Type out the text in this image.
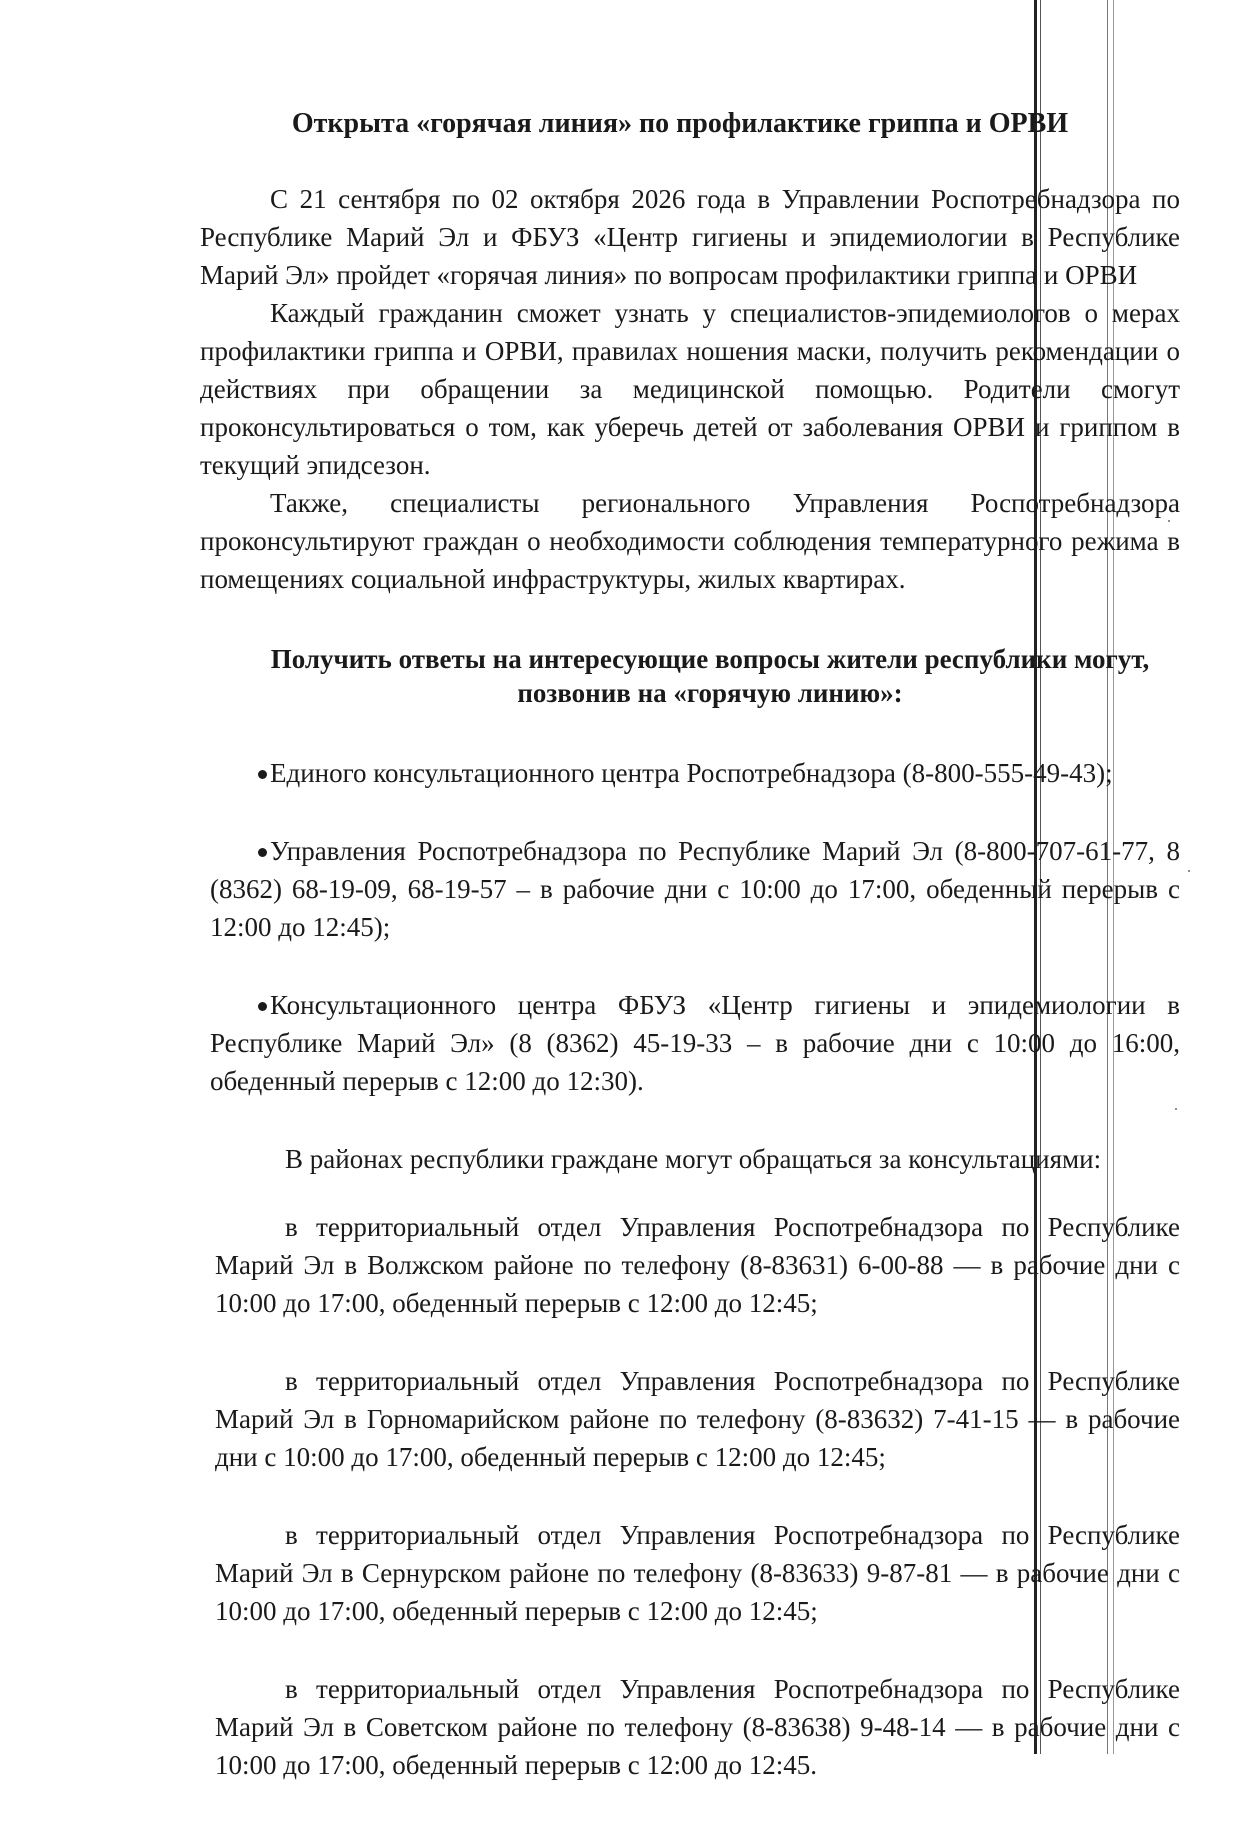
Открыта «горячая линия» по профилактике гриппа и ОРВИ

С 21 сентября по 02 октября 2026 года в Управлении Роспотребнадзора по Республике Марий Эл и ФБУЗ «Центр гигиены и эпидемиологии в Республике Марий Эл» пройдет «горячая линия» по вопросам профилактики гриппа и ОРВИ

Каждый гражданин сможет узнать у специалистов-эпидемиологов о мерах профилактики гриппа и ОРВИ, правилах ношения маски, получить рекомендации о действиях при обращении за медицинской помощью. Родители смогут проконсультироваться о том, как уберечь детей от заболевания ОРВИ и гриппом в текущий эпидсезон.

Также, специалисты регионального Управления Роспотребнадзора проконсультируют граждан о необходимости соблюдения температурного режима в помещениях социальной инфраструктуры, жилых квартирах.

Получить ответы на интересующие вопросы жители республики могут, позвонив на «горячую линию»:
Единого консультационного центра Роспотребнадзора (8-800-555-49-43);
Управления Роспотребнадзора по Республике Марий Эл (8-800-707-61-77, 8 (8362) 68-19-09, 68-19-57 – в рабочие дни с 10:00 до 17:00, обеденный перерыв с 12:00 до 12:45);
Консультационного центра ФБУЗ «Центр гигиены и эпидемиологии в Республике Марий Эл» (8 (8362) 45-19-33 – в рабочие дни с 10:00 до 16:00, обеденный перерыв с 12:00 до 12:30).

В районах республики граждане могут обращаться за консультациями:

в территориальный отдел Управления Роспотребнадзора по Республике Марий Эл в Волжском районе по телефону (8-83631) 6-00-88 — в рабочие дни с 10:00 до 17:00, обеденный перерыв с 12:00 до 12:45;

в территориальный отдел Управления Роспотребнадзора по Республике Марий Эл в Горномарийском районе по телефону (8-83632) 7-41-15 — в рабочие дни с 10:00 до 17:00, обеденный перерыв с 12:00 до 12:45;

в территориальный отдел Управления Роспотребнадзора по Республике Марий Эл в Сернурском районе по телефону (8-83633) 9-87-81 — в рабочие дни с 10:00 до 17:00, обеденный перерыв с 12:00 до 12:45;

в территориальный отдел Управления Роспотребнадзора по Республике Марий Эл в Советском районе по телефону (8-83638) 9-48-14 — в рабочие дни с 10:00 до 17:00, обеденный перерыв с 12:00 до 12:45.
